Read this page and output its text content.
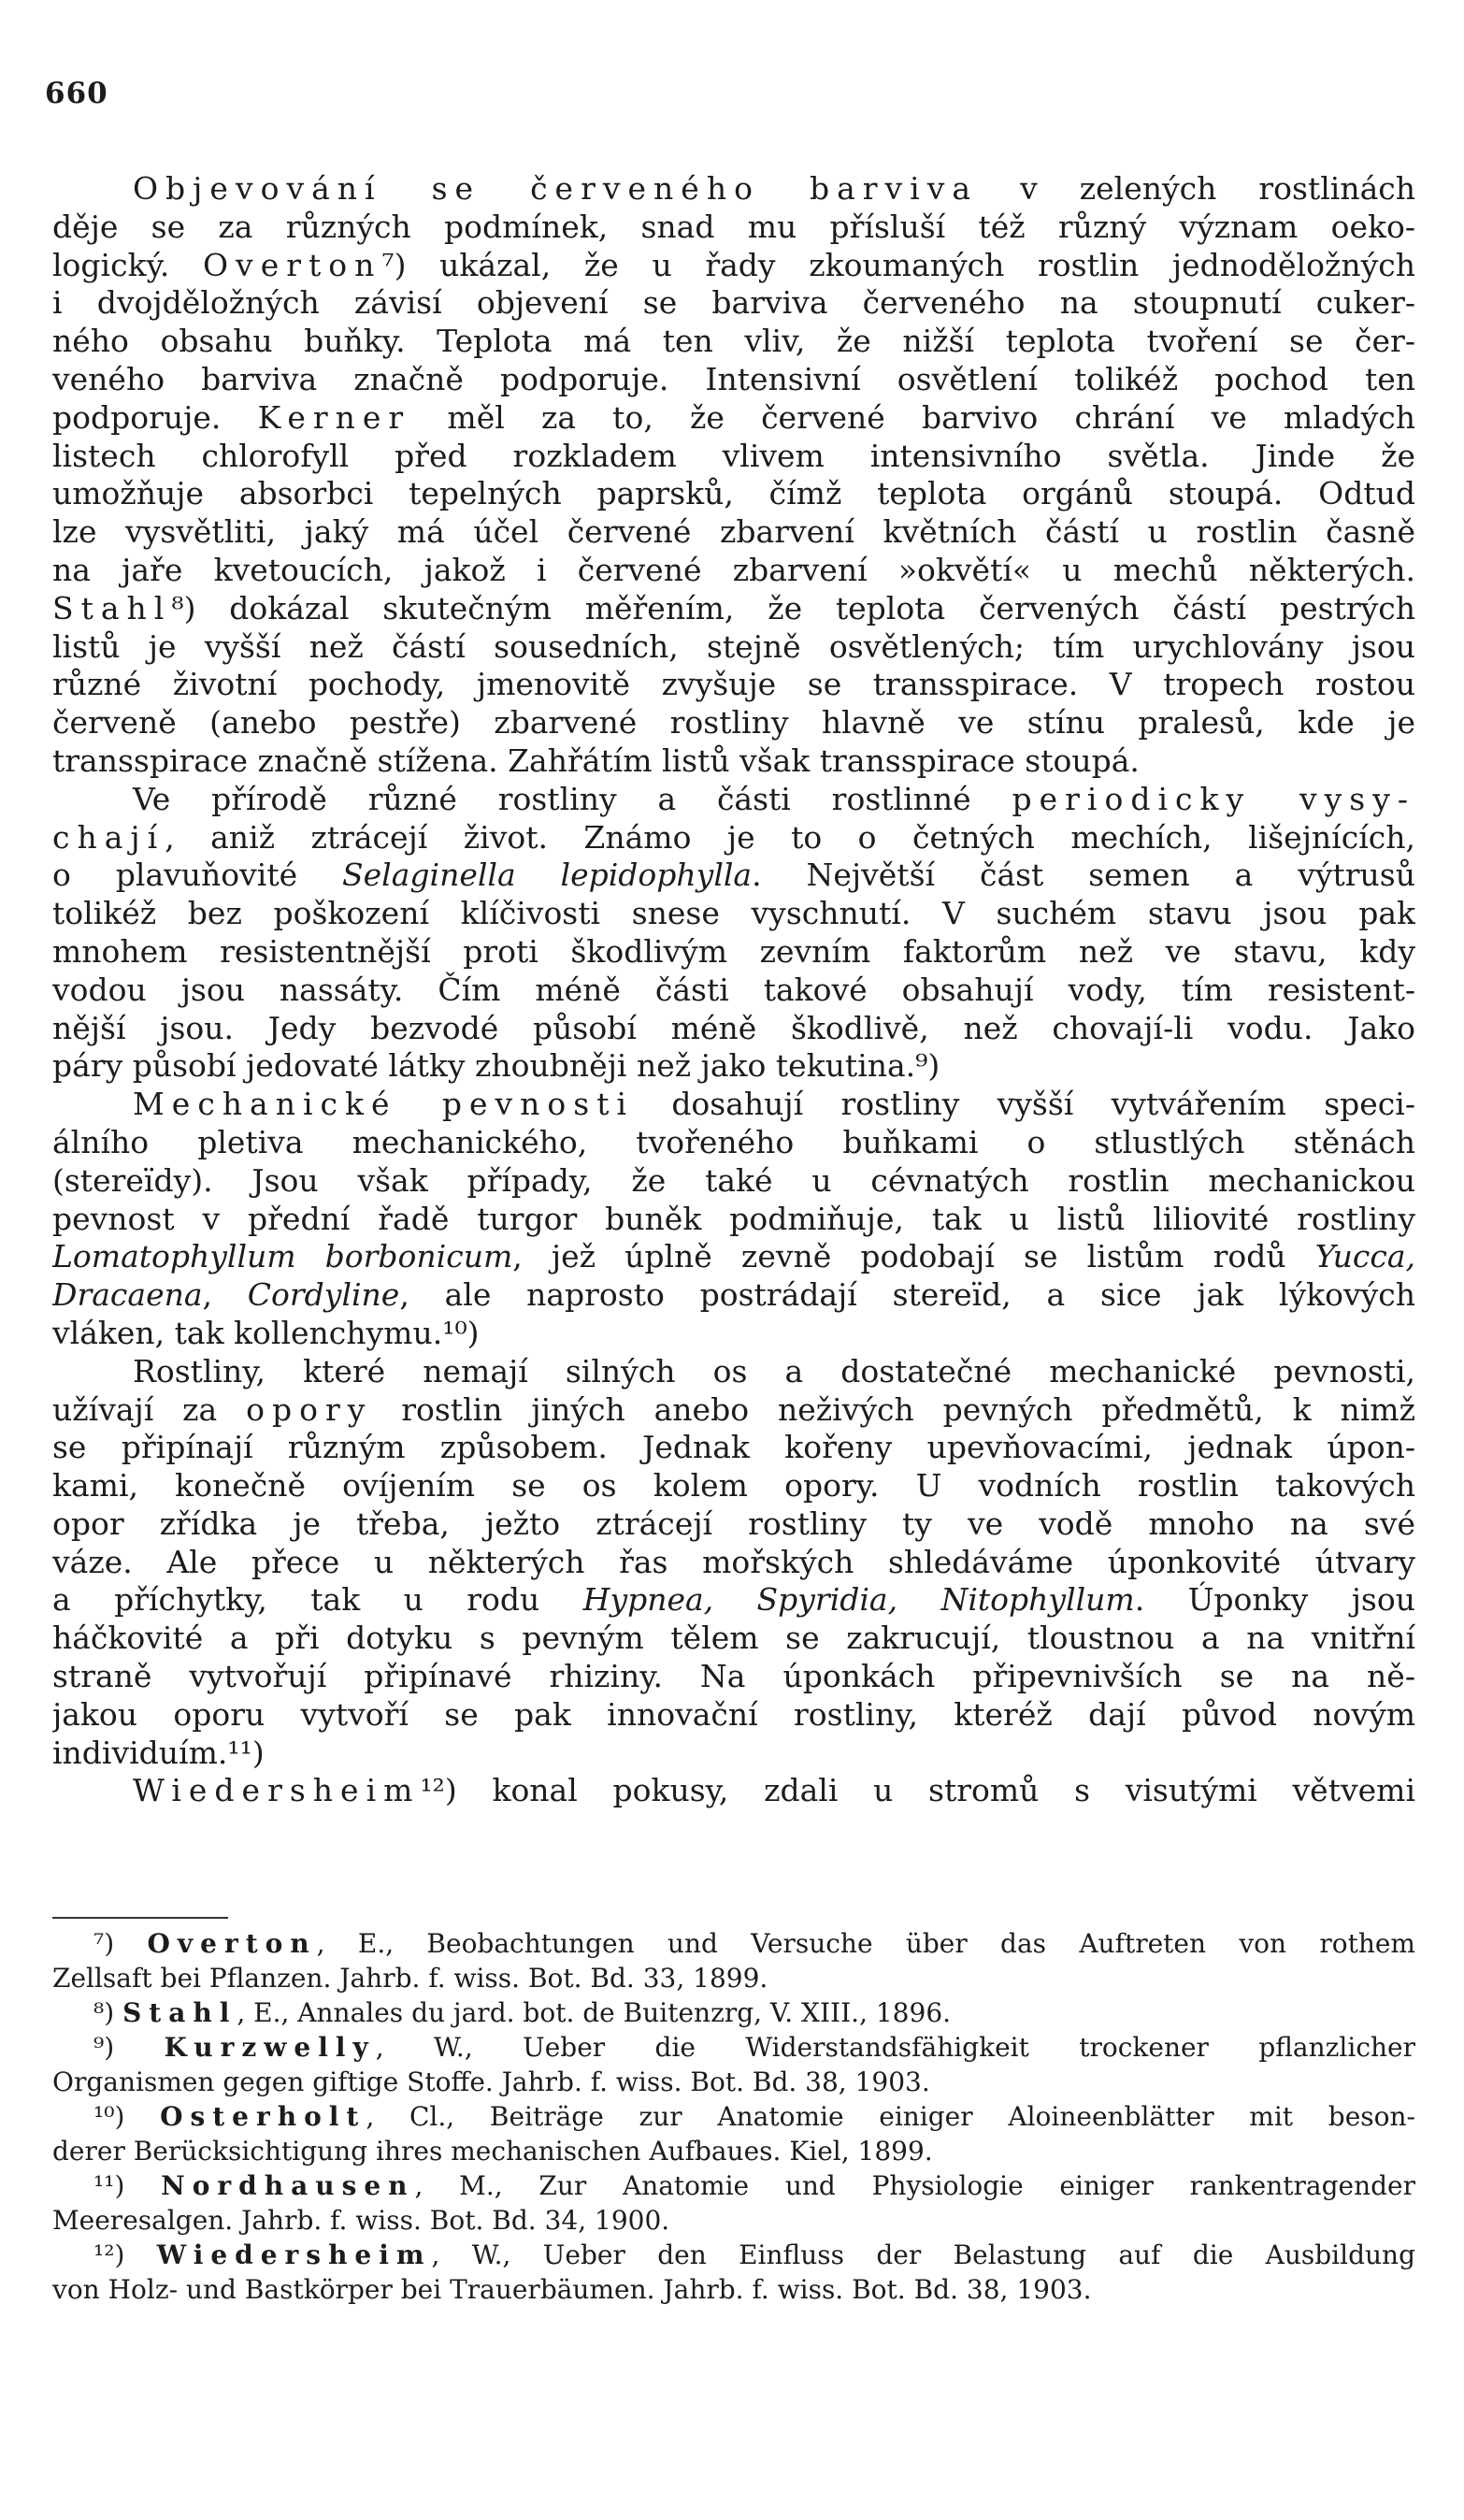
660
Objevování se červeného barviva v zelených rostlinách
děje se za různých podmínek, snad mu přísluší též různý význam oeko-
logický. Overton⁷) ukázal, že u řady zkoumaných rostlin jednoděložných
i dvojděložných závisí objevení se barviva červeného na stoupnutí cuker-
ného obsahu buňky. Teplota má ten vliv, že nižší teplota tvoření se čer-
veného barviva značně podporuje. Intensivní osvětlení tolikéž pochod ten
podporuje. Kerner měl za to, že červené barvivo chrání ve mladých
listech chlorofyll před rozkladem vlivem intensivního světla. Jinde že
umožňuje absorbci tepelných paprsků, čímž teplota orgánů stoupá. Odtud
lze vysvětliti, jaký má účel červené zbarvení květních částí u rostlin časně
na jaře kvetoucích, jakož i červené zbarvení »okvětí« u mechů některých.
Stahl⁸) dokázal skutečným měřením, že teplota červených částí pestrých
listů je vyšší než částí sousedních, stejně osvětlených; tím urychlovány jsou
různé životní pochody, jmenovitě zvyšuje se transspirace. V tropech rostou
červeně (anebo pestře) zbarvené rostliny hlavně ve stínu pralesů, kde je
transspirace značně stížena. Zahřátím listů však transspirace stoupá.
Ve přírodě různé rostliny a části rostlinné periodicky vysy-
chají, aniž ztrácejí život. Známo je to o četných mechích, lišejnících,
o plavuňovité Selaginella lepidophylla. Největší část semen a výtrusů
tolikéž bez poškození klíčivosti snese vyschnutí. V suchém stavu jsou pak
mnohem resistentnější proti škodlivým zevním faktorům než ve stavu, kdy
vodou jsou nassáty. Čím méně části takové obsahují vody, tím resistent-
nější jsou. Jedy bezvodé působí méně škodlivě, než chovají-li vodu. Jako
páry působí jedovaté látky zhoubněji než jako tekutina.⁹)
Mechanické pevnosti dosahují rostliny vyšší vytvářením speci-
álního pletiva mechanického, tvořeného buňkami o stlustlých stěnách
(stereïdy). Jsou však případy, že také u cévnatých rostlin mechanickou
pevnost v přední řadě turgor buněk podmiňuje, tak u listů liliovité rostliny
Lomatophyllum borbonicum, jež úplně zevně podobají se listům rodů Yucca,
Dracaena, Cordyline, ale naprosto postrádají stereïd, a sice jak lýkových
vláken, tak kollenchymu.¹⁰)
Rostliny, které nemají silných os a dostatečné mechanické pevnosti,
užívají za opory rostlin jiných anebo neživých pevných předmětů, k nimž
se připínají různým způsobem. Jednak kořeny upevňovacími, jednak úpon-
kami, konečně ovíjením se os kolem opory. U vodních rostlin takových
opor zřídka je třeba, ježto ztrácejí rostliny ty ve vodě mnoho na své
váze. Ale přece u některých řas mořských shledáváme úponkovité útvary
a příchytky, tak u rodu Hypnea, Spyridia, Nitophyllum. Úponky jsou
háčkovité a při dotyku s pevným tělem se zakrucují, tloustnou a na vnitřní
straně vytvořují připínavé rhiziny. Na úponkách připevnivších se na ně-
jakou oporu vytvoří se pak innovační rostliny, kteréž dají původ novým
individuím.¹¹)
Wiedersheim¹²) konal pokusy, zdali u stromů s visutými větvemi
⁷) Overton, E., Beobachtungen und Versuche über das Auftreten von rothem
Zellsaft bei Pflanzen. Jahrb. f. wiss. Bot. Bd. 33, 1899.
⁸) Stahl, E., Annales du jard. bot. de Buitenzrg, V. XIII., 1896.
⁹) Kurzwelly, W., Ueber die Widerstandsfähigkeit trockener pflanzlicher
Organismen gegen giftige Stoffe. Jahrb. f. wiss. Bot. Bd. 38, 1903.
¹⁰) Osterholt, Cl., Beiträge zur Anatomie einiger Aloineenblätter mit beson-
derer Berücksichtigung ihres mechanischen Aufbaues. Kiel, 1899.
¹¹) Nordhausen, M., Zur Anatomie und Physiologie einiger rankentragender
Meeresalgen. Jahrb. f. wiss. Bot. Bd. 34, 1900.
¹²) Wiedersheim, W., Ueber den Einfluss der Belastung auf die Ausbildung
von Holz- und Bastkörper bei Trauerbäumen. Jahrb. f. wiss. Bot. Bd. 38, 1903.
